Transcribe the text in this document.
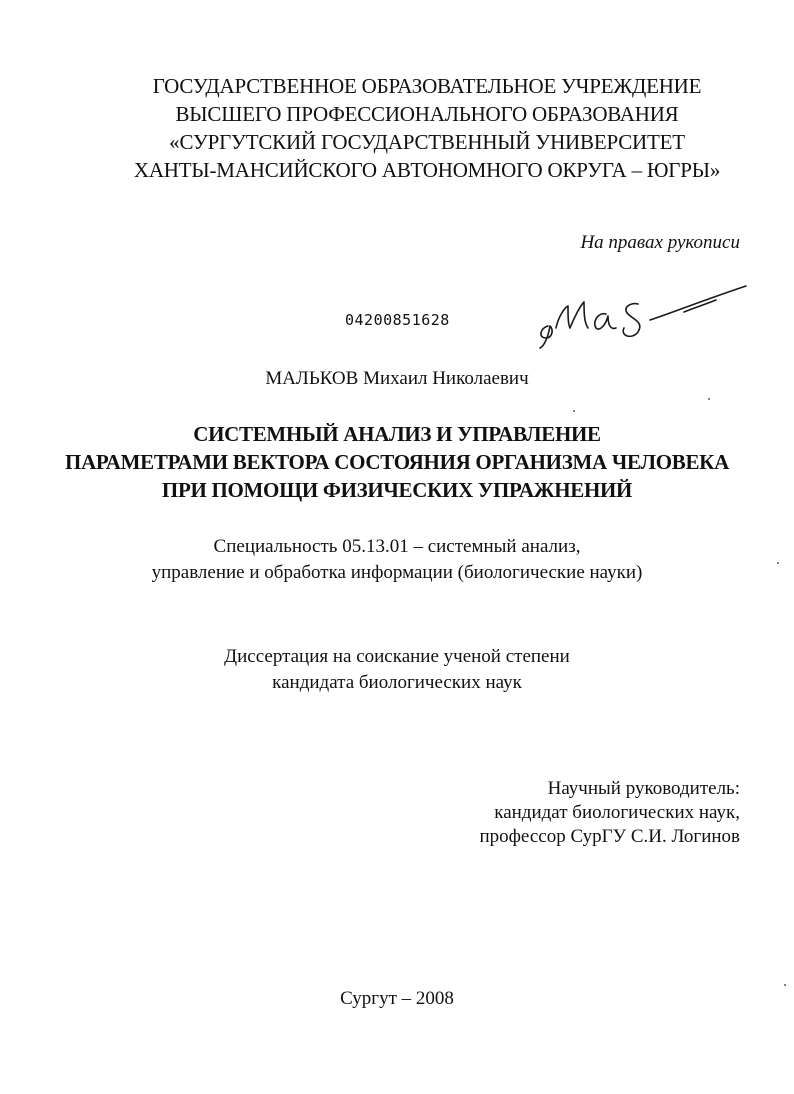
ГОСУДАРСТВЕННОЕ ОБРАЗОВАТЕЛЬНОЕ УЧРЕЖДЕНИЕ
ВЫСШЕГО ПРОФЕССИОНАЛЬНОГО ОБРАЗОВАНИЯ
«СУРГУТСКИЙ ГОСУДАРСТВЕННЫЙ УНИВЕРСИТЕТ
ХАНТЫ-МАНСИЙСКОГО АВТОНОМНОГО ОКРУГА – ЮГРЫ»
На правах рукописи
04200851628
МАЛЬКОВ Михаил Николаевич
СИСТЕМНЫЙ АНАЛИЗ И УПРАВЛЕНИЕ
ПАРАМЕТРАМИ ВЕКТОРА СОСТОЯНИЯ ОРГАНИЗМА ЧЕЛОВЕКА
ПРИ ПОМОЩИ ФИЗИЧЕСКИХ УПРАЖНЕНИЙ
Специальность 05.13.01 – системный анализ,
управление и обработка информации (биологические науки)
Диссертация на соискание ученой степени
кандидата биологических наук
Научный руководитель:
кандидат биологических наук,
профессор СурГУ С.И. Логинов
Сургут – 2008
